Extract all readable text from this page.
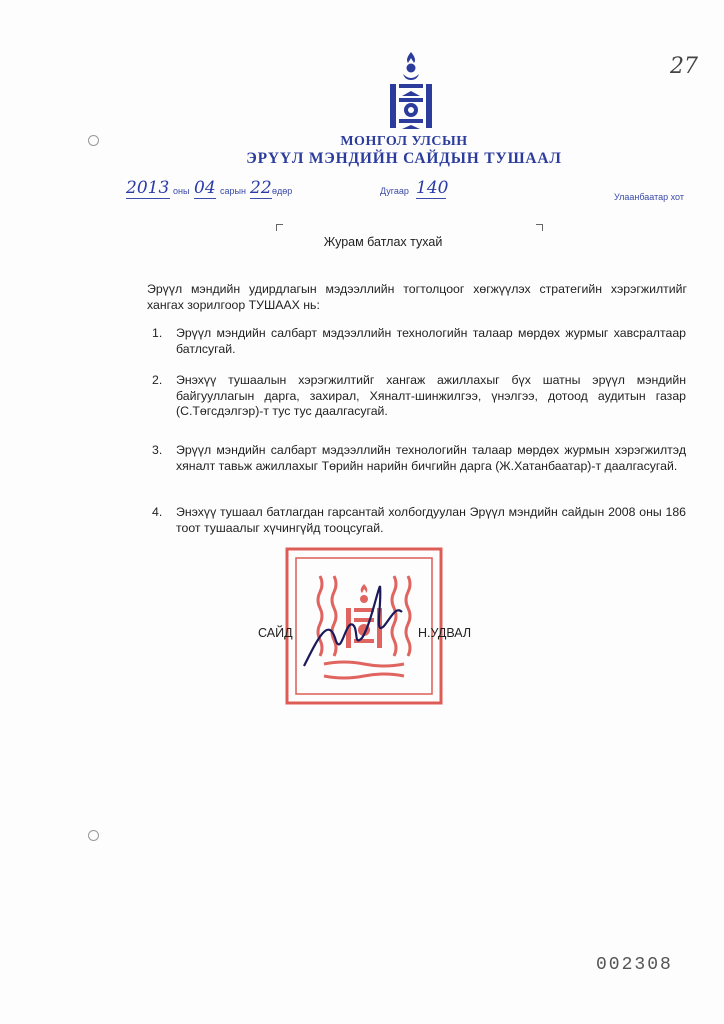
27
МОНГОЛ УЛСЫН
ЭРҮҮЛ МЭНДИЙН САЙДЫН ТУШААЛ
2013 оны 04 сарын 22 өдөр	Дугаар 140	Улаанбаатар хот
Журам батлах тухай
Эрүүл мэндийн удирдлагын мэдээллийн тогтолцоог хөгжүүлэх стратегийн хэрэгжилтийг хангах зорилгоор ТУШААХ нь:
1. Эрүүл мэндийн салбарт мэдээллийн технологийн талаар мөрдөх журмыг хавсралтаар батлсугай.
2. Энэхүү тушаалын хэрэгжилтийг хангаж ажиллахыг бүх шатны эрүүл мэндийн байгууллагын дарга, захирал, Хяналт-шинжилгээ, үнэлгээ, дотоод аудитын газар (С.Төгсдэлгэр)-т тус тус даалгасугай.
3. Эрүүл мэндийн салбарт мэдээллийн технологийн талаар мөрдөх журмын хэрэгжилтэд хяналт тавьж ажиллахыг Төрийн нарийн бичгийн дарга (Ж.Хатанбаатар)-т даалгасугай.
4. Энэхүү тушаал батлагдан гарсантай холбогдуулан Эрүүл мэндийн сайдын 2008 оны 186 тоот тушаалыг хүчингүйд тооцсугай.
САЙД	Н.УДВАЛ
002308
